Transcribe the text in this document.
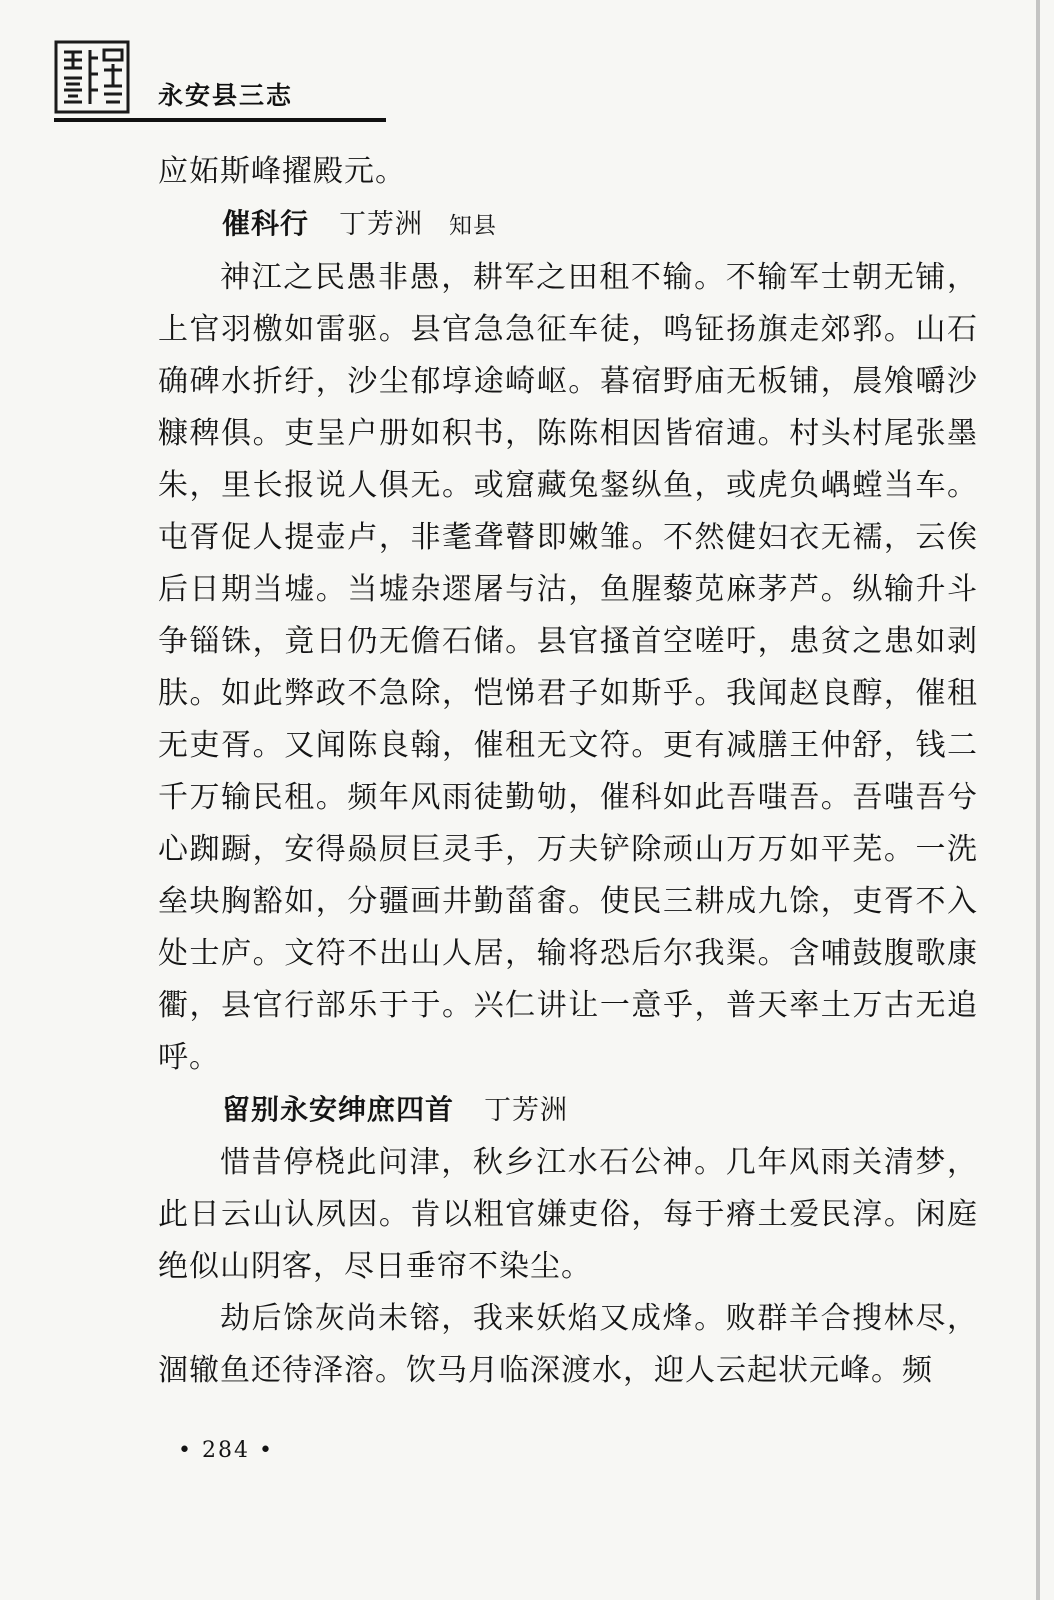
永安县三志

应妬斯峰擢殿元。

催科行 丁芳洲 知县

神江之民愚非愚，耕军之田租不输。不输军士朝无铺，上官羽檄如雷驱。县官急急征车徒，鸣钲扬旗走郊郛。山石确碑水折纡，沙尘郁埻途崎岖。暮宿野庙无板铺，晨飧嚼沙糠稗俱。吏呈户册如积书，陈陈相因皆宿逋。村头村尾张墨朱，里长报说人俱无。或窟藏兔錖纵鱼，或虎负嵎螳当车。屯胥促人提壶卢，非耄聋瞽即嫩雏。不然健妇衣无襦，云俟后日期当墟。当墟杂遝屠与沽，鱼腥藜苋麻茅芦。纵输升斗争锱铢，竟日仍无儋石储。县官搔首空嗟吁，患贫之患如剥肤。如此弊政不急除，恺悌君子如斯乎。我闻赵良醇，催租无吏胥。又闻陈良翰，催租无文符。更有减膳王仲舒，钱二千万输民租。频年风雨徒勤劬，催科如此吾嗤吾。吾嗤吾兮心踟蹰，安得赑屃巨灵手，万夫铲除顽山万万如平芜。一洗垒块胸豁如，分疆画井勤菑畬。使民三耕成九馀，吏胥不入处士庐。文符不出山人居，输将恐后尔我渠。含哺鼓腹歌康衢，县官行部乐于于。兴仁讲让一意乎，普天率土万古无追呼。

留别永安绅庶四首 丁芳洲

惜昔停桡此问津，秋乡江水石公神。几年风雨关清梦，此日云山认夙因。肯以粗官嫌吏俗，每于瘠土爱民淳。闲庭绝似山阴客，尽日垂帘不染尘。

劫后馀灰尚未镕，我来妖焰又成烽。败群羊合搜林尽，涸辙鱼还待泽溶。饮马月临深渡水，迎人云起状元峰。频

• 284 •
